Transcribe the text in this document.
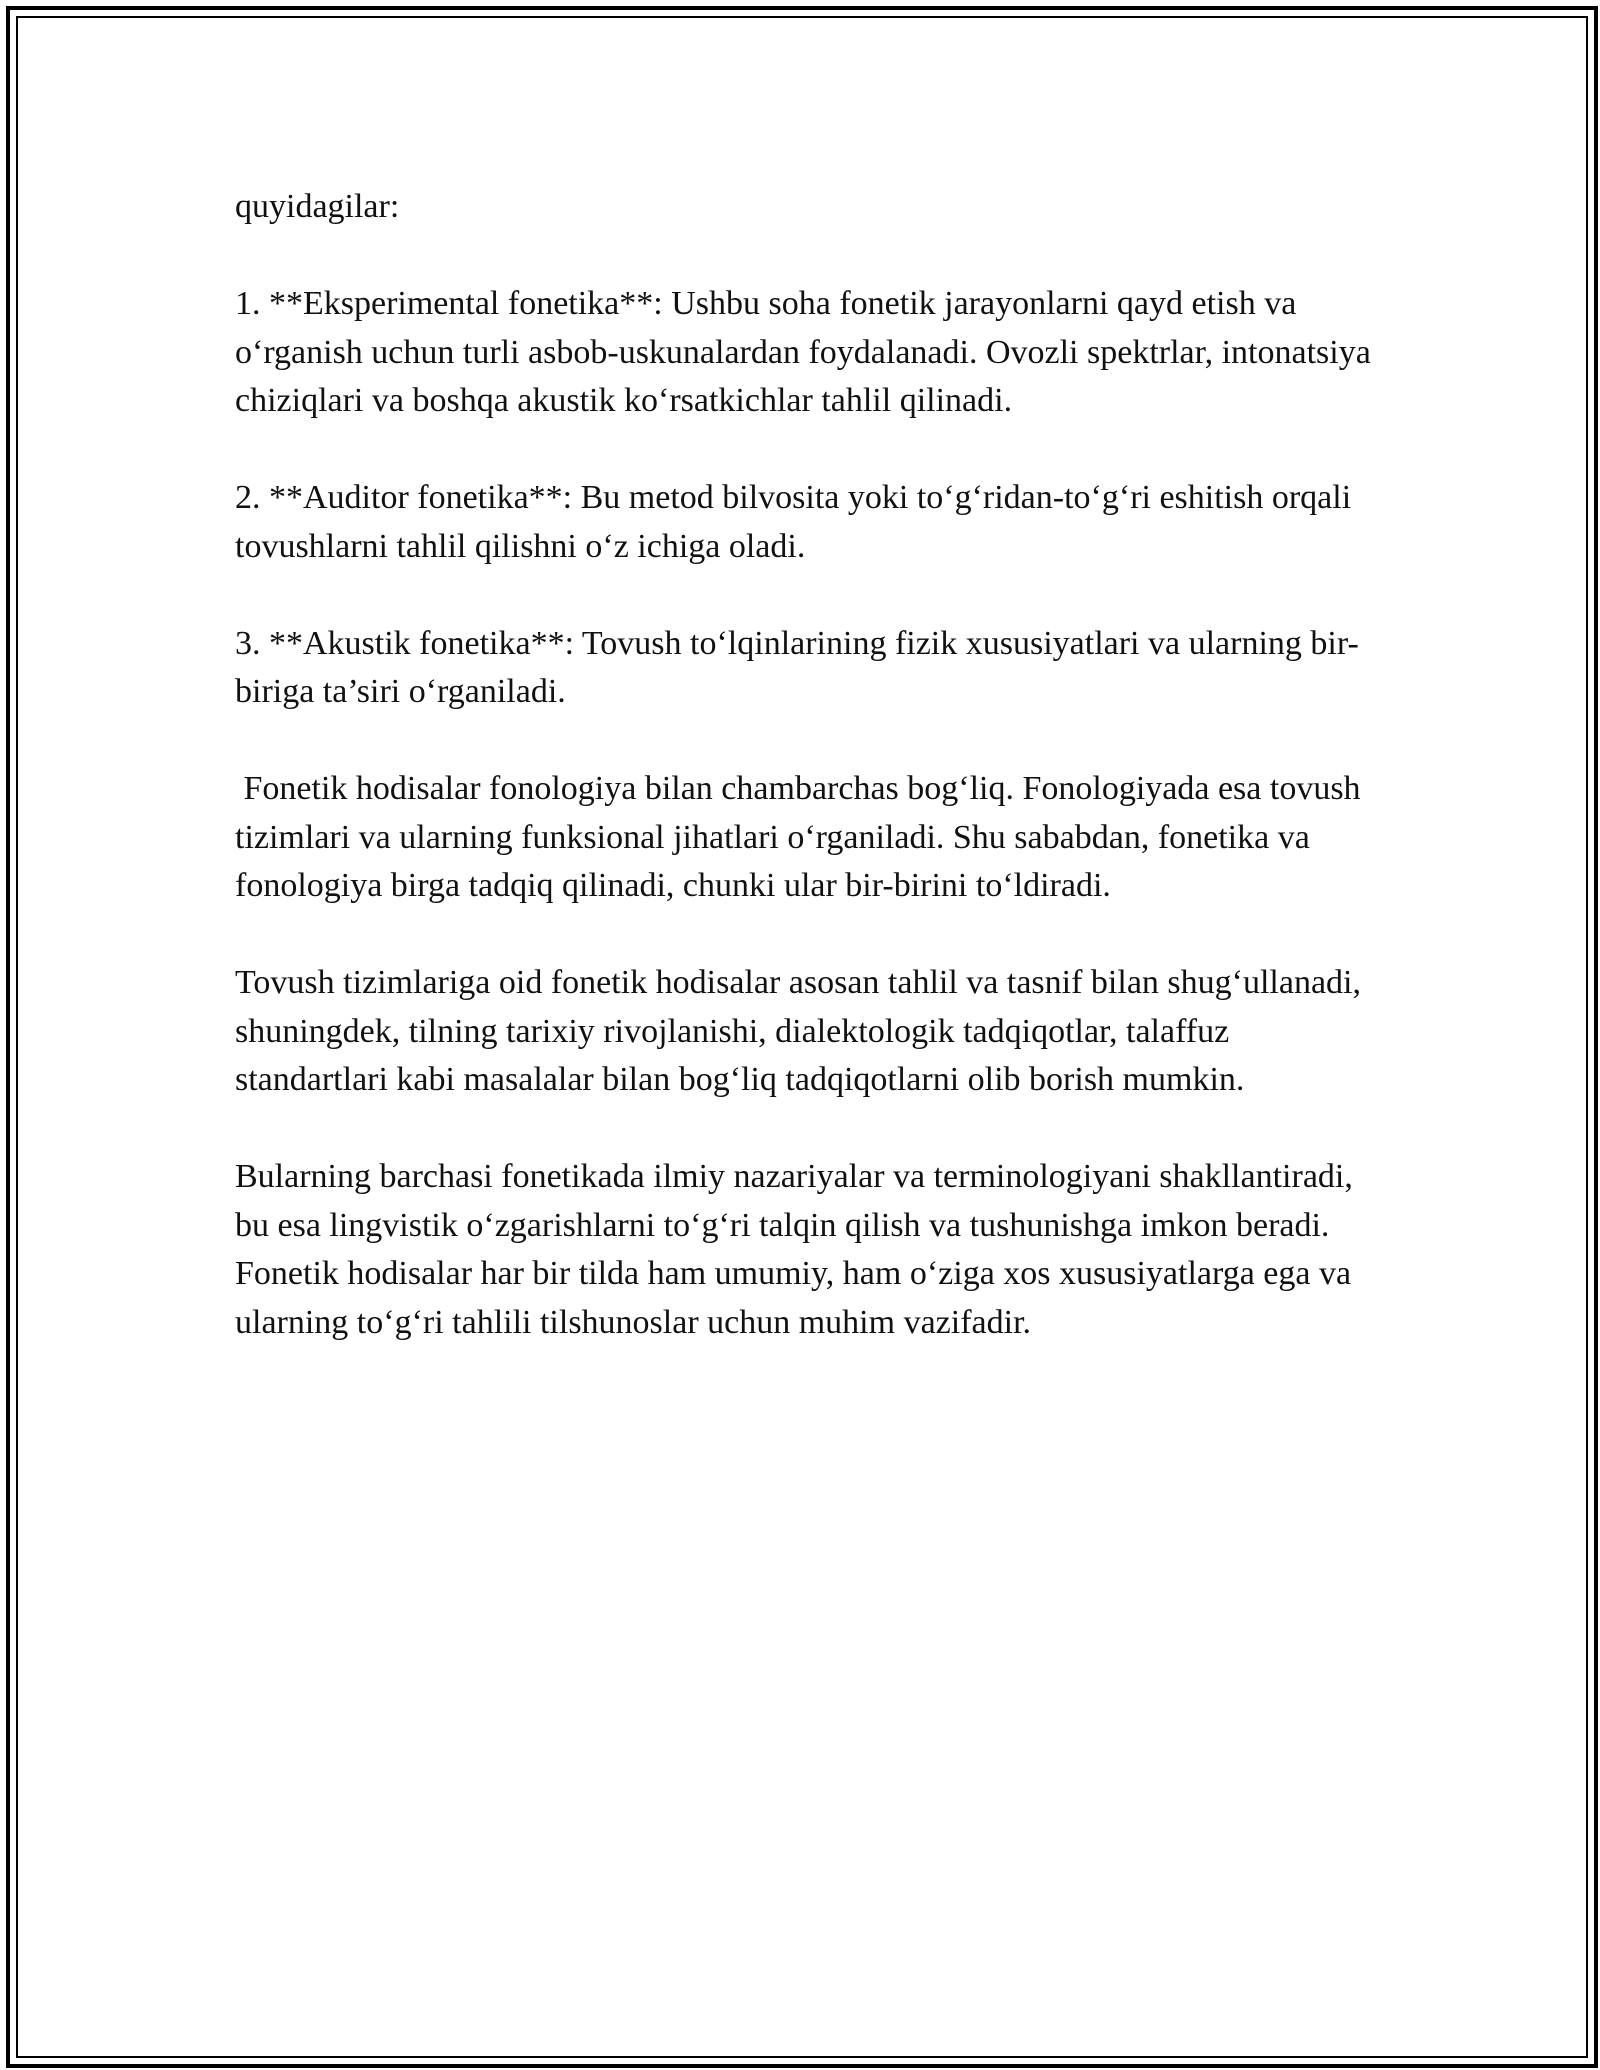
quyidagilar:

1. **Eksperimental fonetika**: Ushbu soha fonetik jarayonlarni qayd etish va o‘rganish uchun turli asbob-uskunalardan foydalanadi. Ovozli spektrlar, intonatsiya chiziqlari va boshqa akustik ko‘rsatkichlar tahlil qilinadi.

2. **Auditor fonetika**: Bu metod bilvosita yoki to‘g‘ridan-to‘g‘ri eshitish orqali tovushlarni tahlil qilishni o‘z ichiga oladi.

3. **Akustik fonetika**: Tovush to‘lqinlarining fizik xususiyatlari va ularning bir-biriga ta’siri o‘rganiladi.

Fonetik hodisalar fonologiya bilan chambarchas bog‘liq. Fonologiyada esa tovush tizimlari va ularning funksional jihatlari o‘rganiladi. Shu sababdan, fonetika va fonologiya birga tadqiq qilinadi, chunki ular bir-birini to‘ldiradi.

Tovush tizimlariga oid fonetik hodisalar asosan tahlil va tasnif bilan shug‘ullanadi, shuningdek, tilning tarixiy rivojlanishi, dialektologik tadqiqotlar, talaffuz standartlari kabi masalalar bilan bog‘liq tadqiqotlarni olib borish mumkin.

Bularning barchasi fonetikada ilmiy nazariyalar va terminologiyani shakllantiradi, bu esa lingvistik o‘zgarishlarni to‘g‘ri talqin qilish va tushunishga imkon beradi. Fonetik hodisalar har bir tilda ham umumiy, ham o‘ziga xos xususiyatlarga ega va ularning to‘g‘ri tahlili tilshunoslar uchun muhim vazifadir.
